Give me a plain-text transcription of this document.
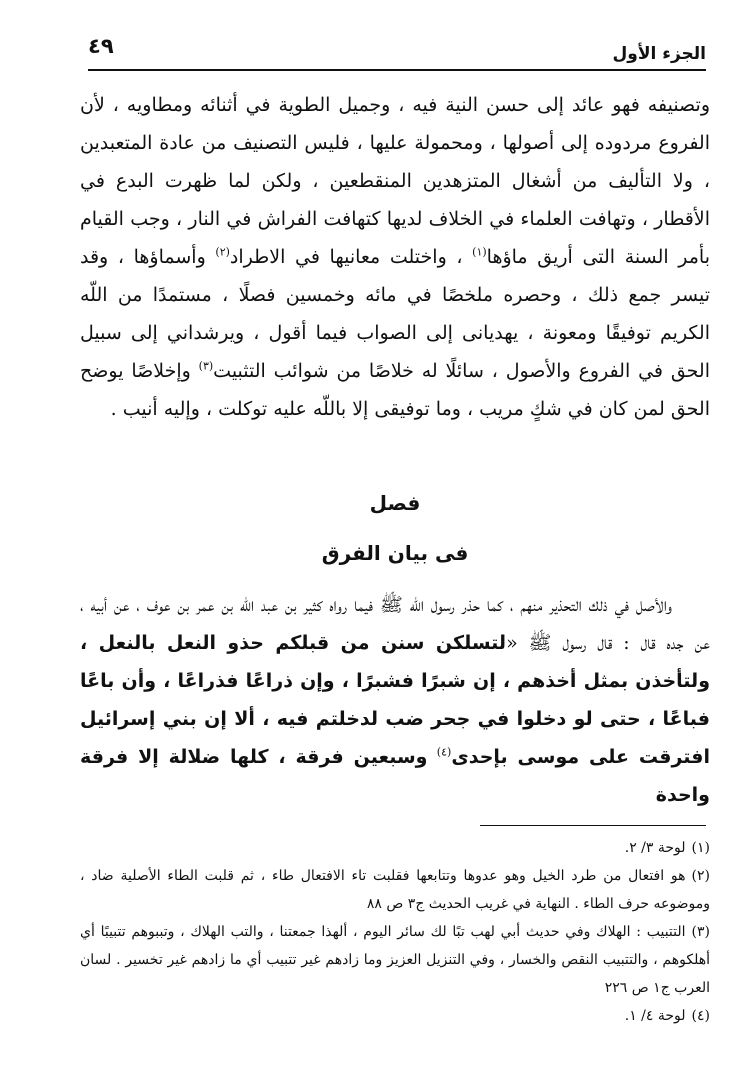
الجزء الأول
٤٩

وتصنيفه فهو عائد إلى حسن النية فيه ، وجميل الطوية في أثنائه ومطاويه ، لأن الفروع مردوده إلى أصولها ، ومحمولة عليها ، فليس التصنيف من عادة المتعبدين ، ولا التأليف من أشغال المتزهدين المنقطعين ، ولكن لما ظهرت البدع في الأقطار ، وتهافت العلماء في الخلاف لديها كتهافت الفراش في النار ، وجب القيام بأمر السنة التى أريق ماؤها$^{(١)}$ ، واختلت معانيها في الاطراد$^{(٢)}$ وأسماؤها ، وقد تيسر جمع ذلك ، وحصره ملخصًا في مائه وخمسين فصلًا ، مستمدًا من اللّه الكريم توفيقًا ومعونة ، يهديانى إلى الصواب فيما أقول ، ويرشداني إلى سبيل الحق في الفروع والأصول ، سائلًا له خلاصًا من شوائب التثبيت$^{(٣)}$ وإخلاصًا يوضح الحق لمن كان في شكٍ مريب ، وما توفيقى إلا باللّه عليه توكلت ، وإليه أنيب .

فصل
فى بيان الفرق

والأصل في ذلك التحذير منهم ، كما حذر رسول اللّه ﷺ فيما رواه كثير بن عبد اللّه بن عمر بن عوف ، عن أبيه ، عن جده قال : قال رسول ﷺ «لتسلكن سنن من قبلكم حذو النعل بالنعل ، ولتأخذن بمثل أخذهم ، إن شبرًا فشبرًا ، وإن ذراعًا فذراعًا ، وأن باعًا فباعًا ، حتى لو دخلوا في جحر ضب لدخلتم فيه ، ألا إن بني إسرائيل افترقت على موسى بإحدى$^{(٤)}$ وسبعين فرقة ، كلها ضلالة إلا فرقة واحدة

(١)لوحة ٣/ ٢.

(٢)هو افتعال من طرد الخيل وهو عدوها وتتابعها فقلبت تاء الافتعال طاء ، ثم قلبت الطاء الأصلية ضاد ، وموضوعه حرف الطاء . النهاية في غريب الحديث ج٣ ص ٨٨

(٣)التتبيب : الهلاك وفي حديث أبي لهب تبًا لك سائر اليوم ، ألهذا جمعتنا ، والتب الهلاك ، وتببوهم تتبيبًا أي أهلكوهم ، والتتبيب النقص والخسار ، وفي التنزيل العزيز وما زادهم غير تتبيب أي ما زادهم غير تخسير . لسان العرب ج١ ص ٢٢٦

(٤)لوحة ٤/ ١.
